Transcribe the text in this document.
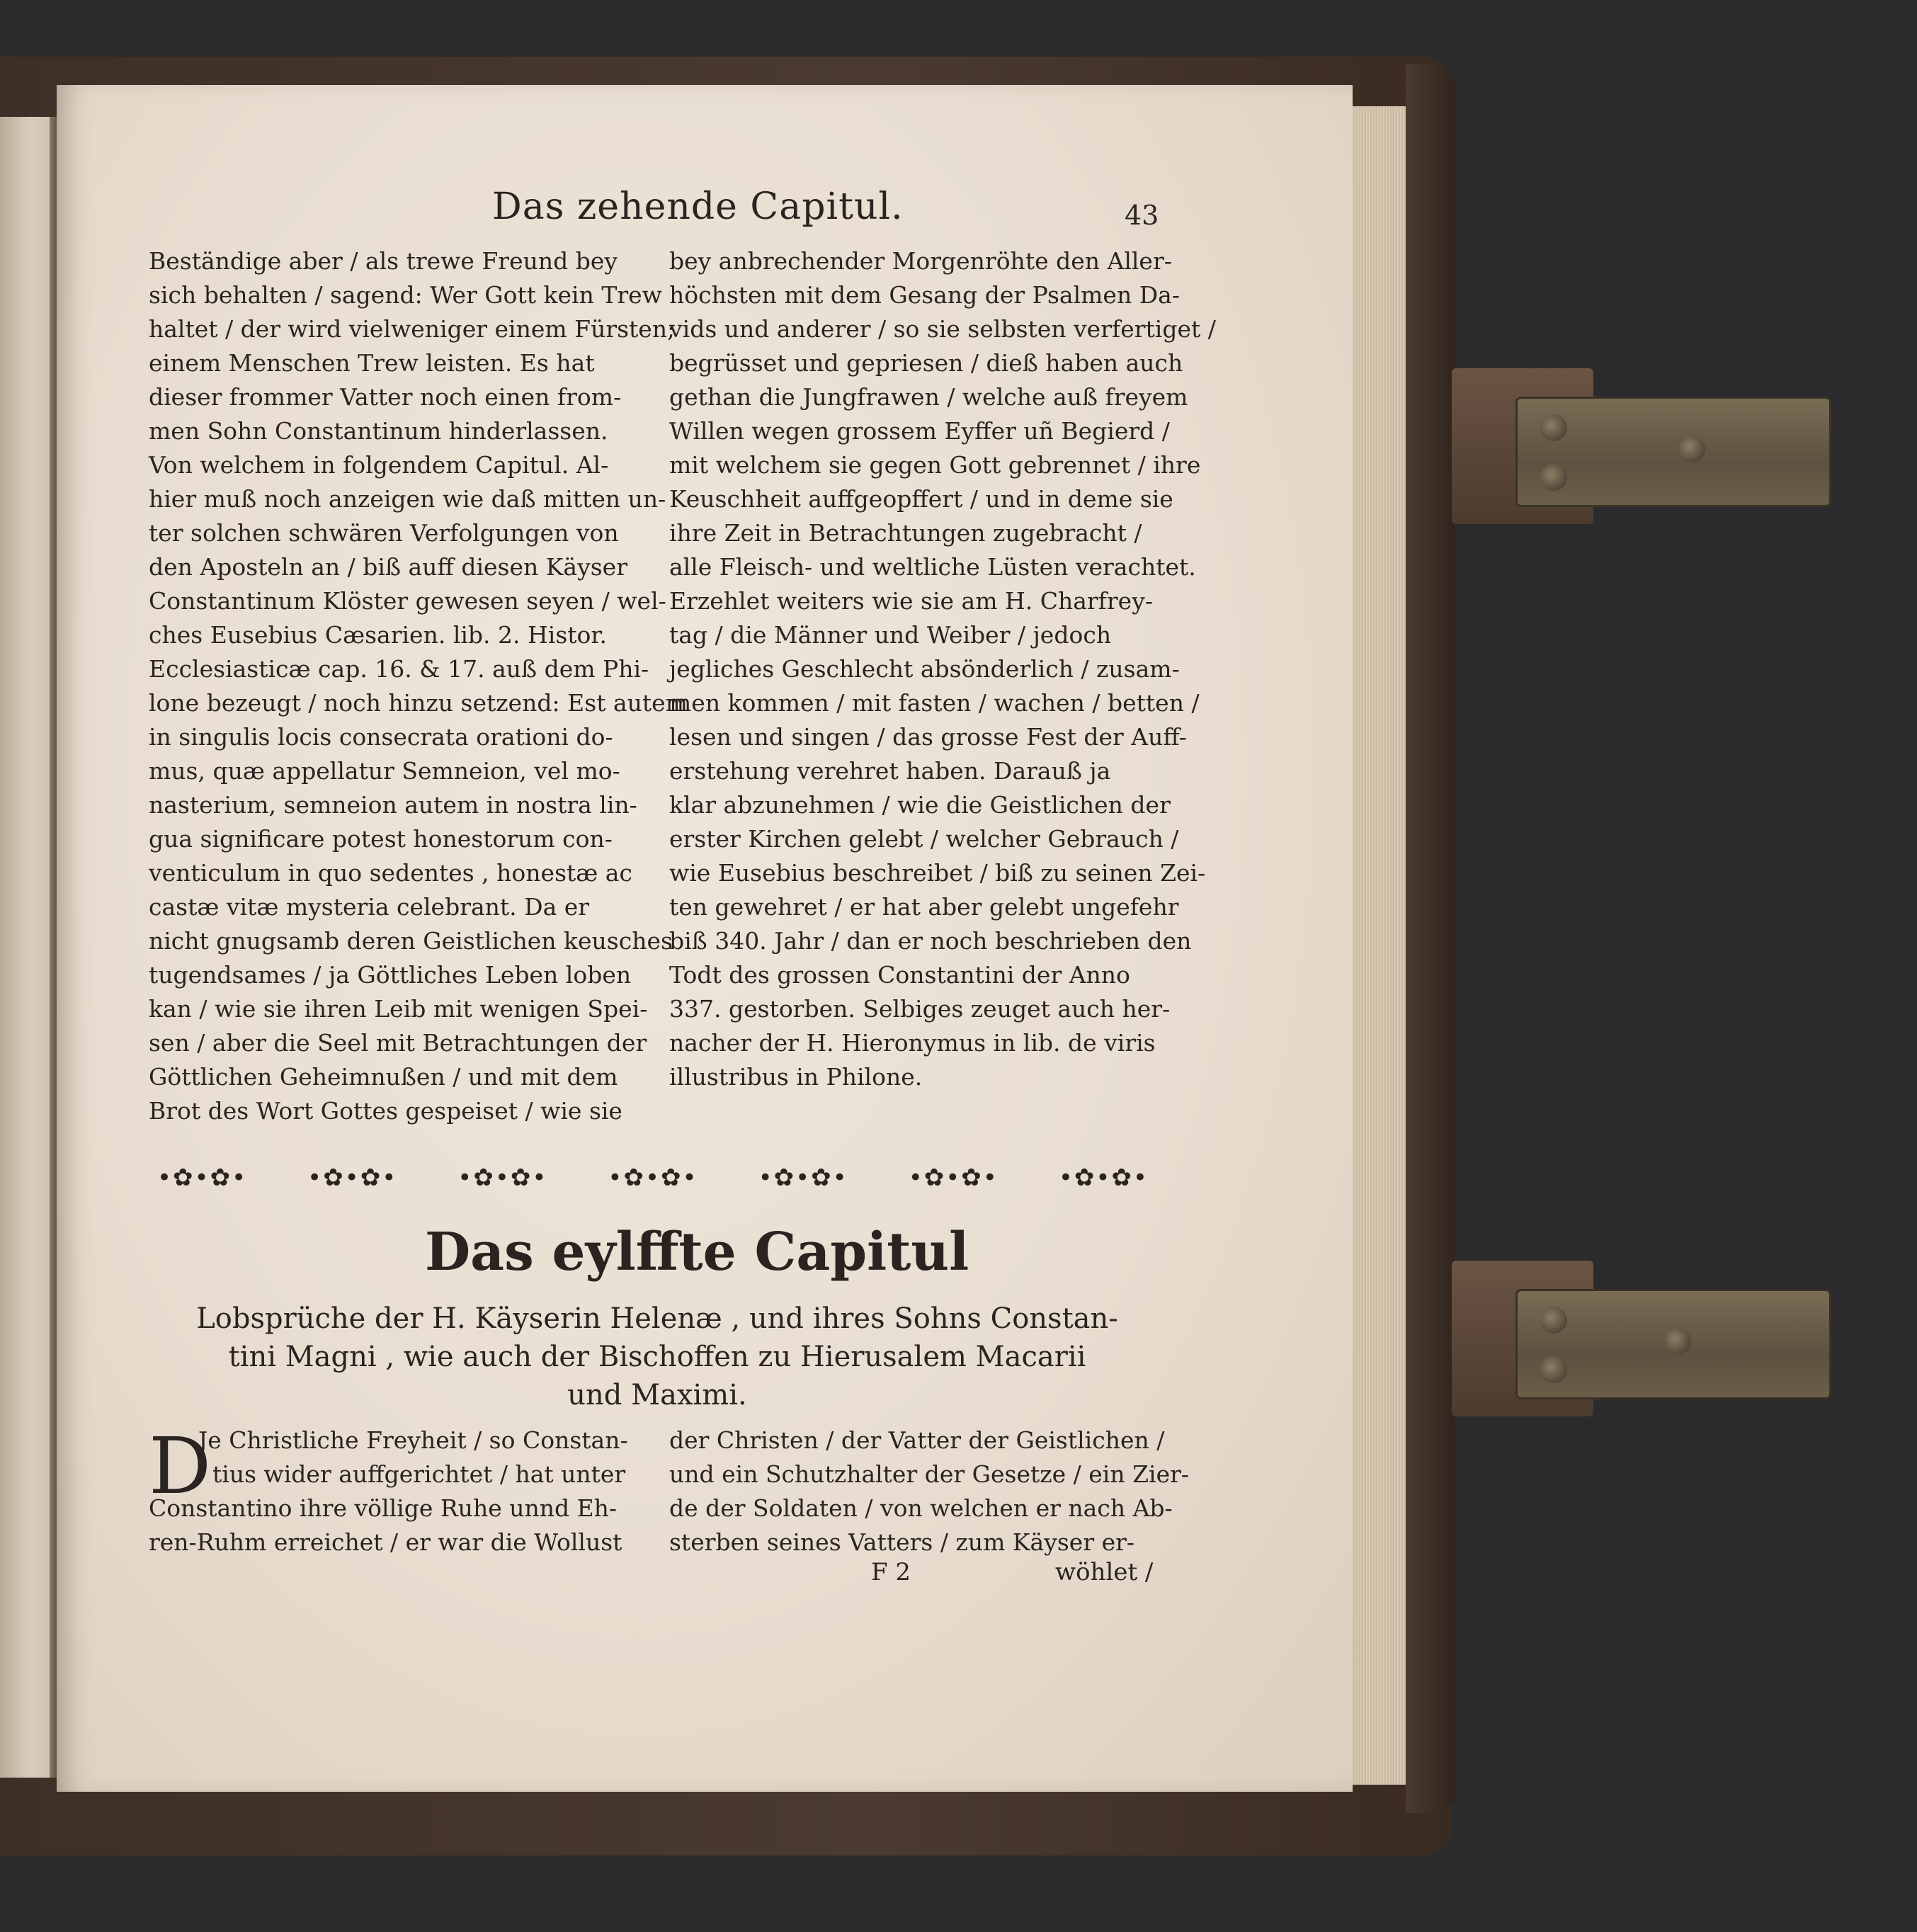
Das zehende Capitul.	43
Beständige aber / als trewe Freund bey
sich behalten / sagend: Wer Gott kein Trew
haltet / der wird vielweniger einem Fürsten;
einem Menschen Trew leisten. Es hat
dieser frommer Vatter noch einen from-
men Sohn Constantinum hinderlassen.
Von welchem in folgendem Capitul. Al-
hier muß noch anzeigen wie daß mitten un-
ter solchen schwären Verfolgungen von
den Aposteln an / biß auff diesen Käyser
Constantinum Klöster gewesen seyen / wel-
ches Eusebius Cæsarien. lib. 2. Histor.
Ecclesiasticæ cap. 16. & 17. auß dem Phi-
lone bezeugt / noch hinzu setzend: Est autem
in singulis locis consecrata orationi do-
mus, quæ appellatur Semneion, vel mo-
nasterium, semneion autem in nostra lin-
gua significare potest honestorum con-
venticulum in quo sedentes , honestæ ac
castæ vitæ mysteria celebrant. Da er
nicht gnugsamb deren Geistlichen keusches
tugendsames / ja Göttliches Leben loben
kan / wie sie ihren Leib mit wenigen Spei-
sen / aber die Seel mit Betrachtungen der
Göttlichen Geheimnußen / und mit dem
Brot des Wort Gottes gespeiset / wie sie
bey anbrechender Morgenröhte den Aller-
höchsten mit dem Gesang der Psalmen Da-
vids und anderer / so sie selbsten verfertiget /
begrüsset und gepriesen / dieß haben auch
gethan die Jungfrawen / welche auß freyem
Willen wegen grossem Eyffer uñ Begierd /
mit welchem sie gegen Gott gebrennet / ihre
Keuschheit auffgeopffert / und in deme sie
ihre Zeit in Betrachtungen zugebracht /
alle Fleisch- und weltliche Lüsten verachtet.
Erzehlet weiters wie sie am H. Charfrey-
tag / die Männer und Weiber / jedoch
jegliches Geschlecht absönderlich / zusam-
men kommen / mit fasten / wachen / betten /
lesen und singen / das grosse Fest der Auff-
erstehung verehret haben. Darauß ja
klar abzunehmen / wie die Geistlichen der
erster Kirchen gelebt / welcher Gebrauch /
wie Eusebius beschreibet / biß zu seinen Zei-
ten gewehret / er hat aber gelebt ungefehr
biß 340. Jahr / dan er noch beschrieben den
Todt des grossen Constantini der Anno
337. gestorben. Selbiges zeuget auch her-
nacher der H. Hieronymus in lib. de viris
illustribus in Philone.
•✿•✿•	•✿•✿•	•✿•✿•	•✿•✿•	•✿•✿•	•✿•✿•	•✿•✿•
Das eylffte Capitul
Lobsprüche der H. Käyserin Helenæ , und ihres Sohns Constan-
tini Magni , wie auch der Bischoffen zu Hierusalem Macarii
und Maximi.
D
Je Christliche Freyheit / so Constan-
tius wider auffgerichtet / hat unter
Constantino ihre völlige Ruhe unnd Eh-
ren-Ruhm erreichet / er war die Wollust
der Christen / der Vatter der Geistlichen /
und ein Schutzhalter der Gesetze / ein Zier-
de der Soldaten / von welchen er nach Ab-
sterben seines Vatters / zum Käyser er-
F 2	wöhlet /
